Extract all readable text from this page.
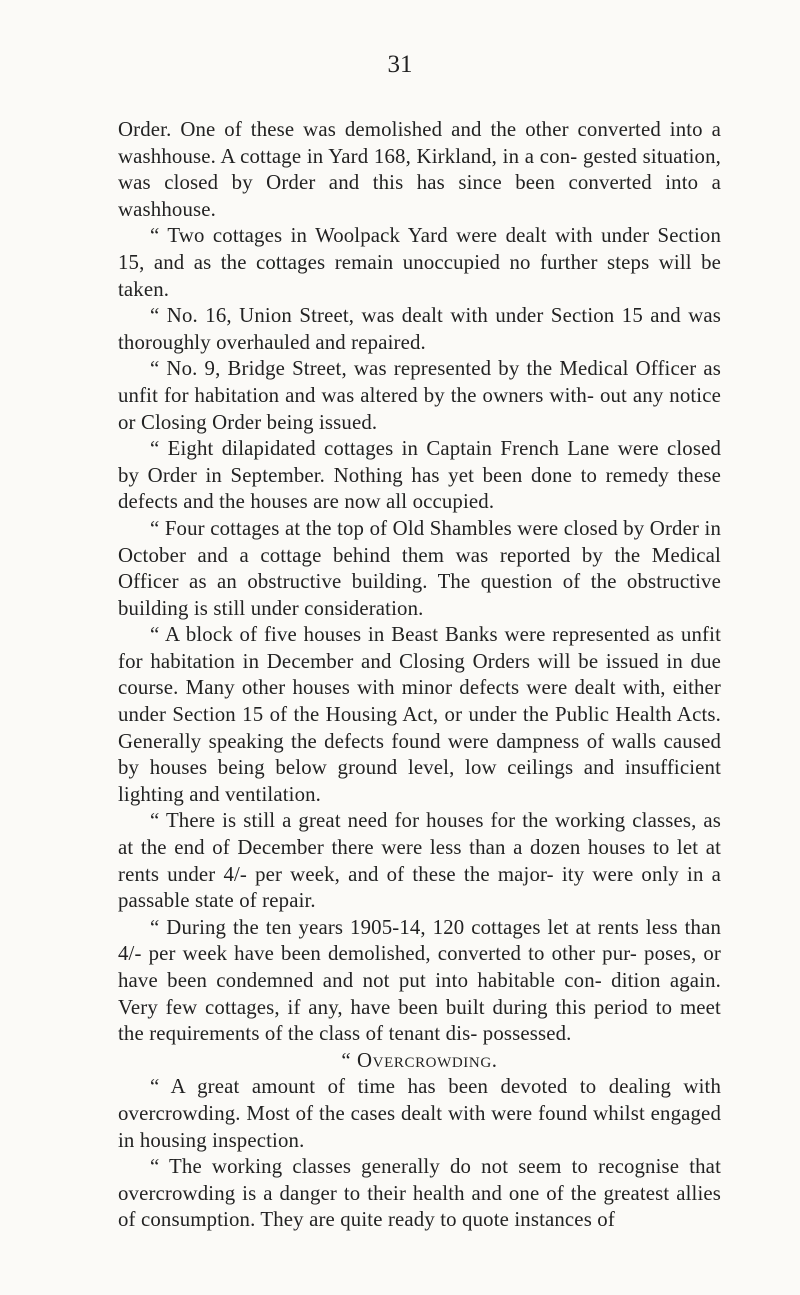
31

Order. One of these was demolished and the other converted into a washhouse. A cottage in Yard 168, Kirkland, in a con- gested situation, was closed by Order and this has since been converted into a washhouse.

“ Two cottages in Woolpack Yard were dealt with under Section 15, and as the cottages remain unoccupied no further steps will be taken.

“ No. 16, Union Street, was dealt with under Section 15 and was thoroughly overhauled and repaired.

“ No. 9, Bridge Street, was represented by the Medical Officer as unfit for habitation and was altered by the owners with- out any notice or Closing Order being issued.

“ Eight dilapidated cottages in Captain French Lane were closed by Order in September. Nothing has yet been done to remedy these defects and the houses are now all occupied.

“ Four cottages at the top of Old Shambles were closed by Order in October and a cottage behind them was reported by the Medical Officer as an obstructive building. The question of the obstructive building is still under consideration.

“ A block of five houses in Beast Banks were represented as unfit for habitation in December and Closing Orders will be issued in due course. Many other houses with minor defects were dealt with, either under Section 15 of the Housing Act, or under the Public Health Acts. Generally speaking the defects found were dampness of walls caused by houses being below ground level, low ceilings and insufficient lighting and ventilation.

“ There is still a great need for houses for the working classes, as at the end of December there were less than a dozen houses to let at rents under 4/- per week, and of these the major- ity were only in a passable state of repair.

“ During the ten years 1905-14, 120 cottages let at rents less than 4/- per week have been demolished, converted to other pur- poses, or have been condemned and not put into habitable con- dition again. Very few cottages, if any, have been built during this period to meet the requirements of the class of tenant dis- possessed.

“ Overcrowding.

“ A great amount of time has been devoted to dealing with overcrowding. Most of the cases dealt with were found whilst engaged in housing inspection.

“ The working classes generally do not seem to recognise that overcrowding is a danger to their health and one of the greatest allies of consumption. They are quite ready to quote instances of
